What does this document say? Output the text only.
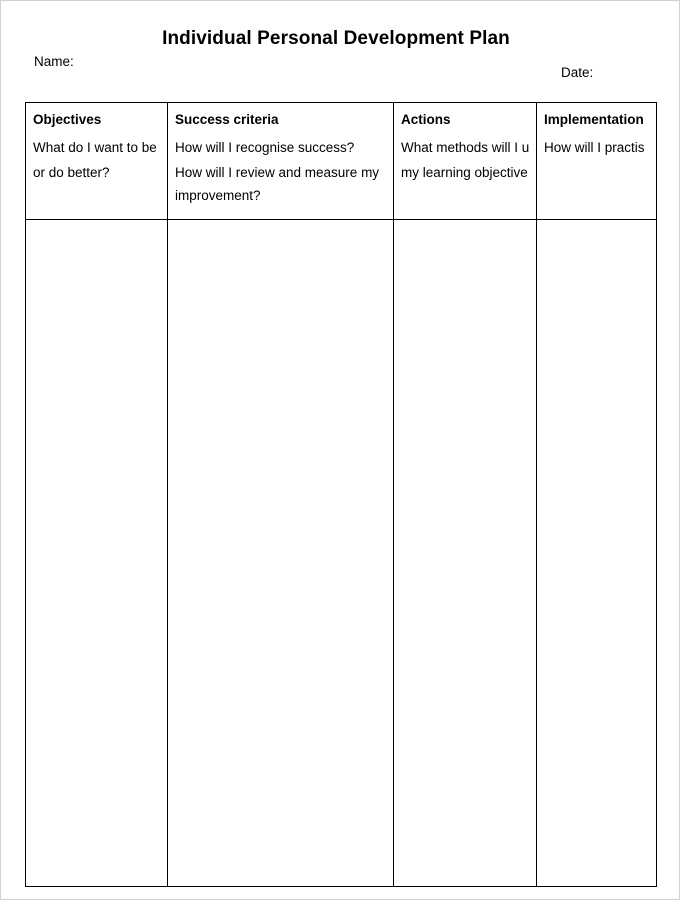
Individual Personal Development Plan
Name:
Date:
Objectives
What do I want to be
or do better?
Success criteria
How will I recognise success?
How will I review and measure my
improvement?
Actions
What methods will I u
my learning objective
Implementation
How will I practis
